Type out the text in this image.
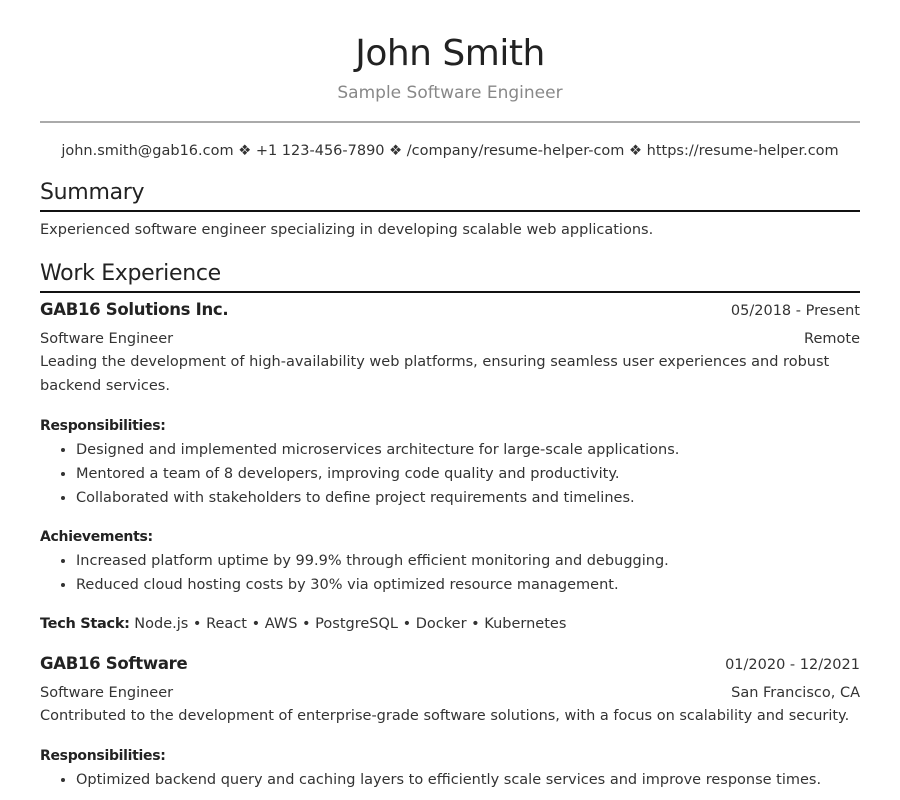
John Smith
Sample Software Engineer
john.smith@gab16.com ❖ +1 123-456-7890 ❖ /company/resume-helper-com ❖ https://resume-helper.com
Summary
Experienced software engineer specializing in developing scalable web applications.
Work Experience
GAB16 Solutions Inc.	05/2018 - Present
Software Engineer	Remote
Leading the development of high-availability web platforms, ensuring seamless user experiences and robust backend services.
Responsibilities:
• Designed and implemented microservices architecture for large-scale applications.
• Mentored a team of 8 developers, improving code quality and productivity.
• Collaborated with stakeholders to define project requirements and timelines.
Achievements:
• Increased platform uptime by 99.9% through efficient monitoring and debugging.
• Reduced cloud hosting costs by 30% via optimized resource management.
Tech Stack: Node.js • React • AWS • PostgreSQL • Docker • Kubernetes
GAB16 Software	01/2020 - 12/2021
Software Engineer	San Francisco, CA
Contributed to the development of enterprise-grade software solutions, with a focus on scalability and security.
Responsibilities:
• Optimized backend query and caching layers to efficiently scale services and improve response times.
